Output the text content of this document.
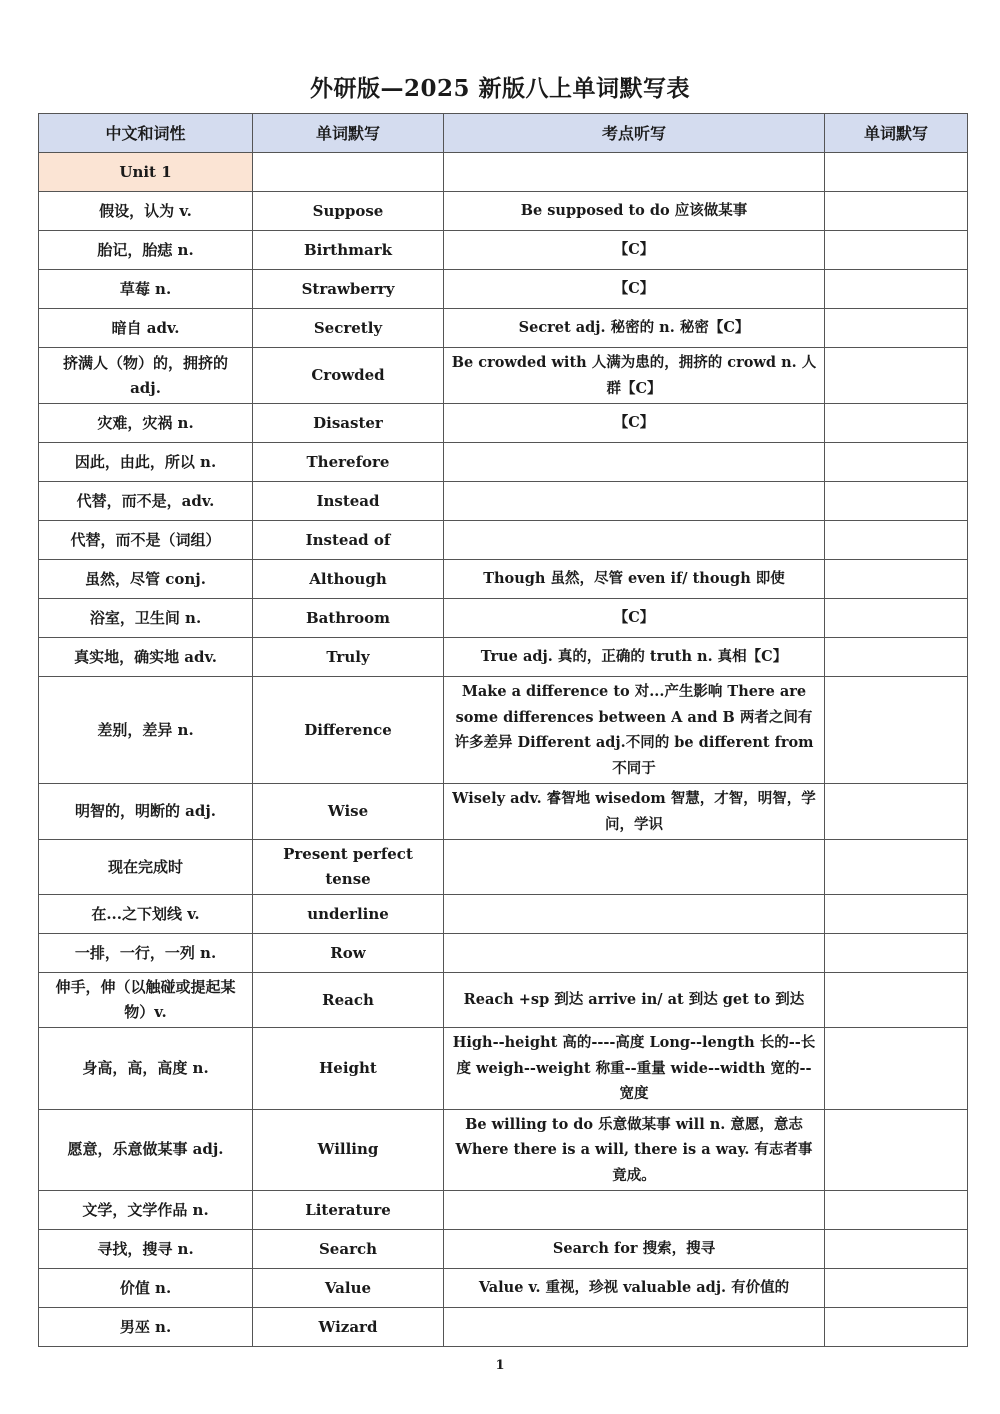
外研版—2025 新版八上单词默写表
中文和词性	单词默写	考点听写	单词默写
Unit 1			
假设，认为 v.	Suppose	Be supposed to do 应该做某事	
胎记，胎痣 n.	Birthmark	【C】	
草莓 n.	Strawberry	【C】	
暗自 adv.	Secretly	Secret adj. 秘密的 n. 秘密【C】	
挤满人（物）的，拥挤的 adj.	Crowded	Be crowded with 人满为患的，拥挤的 crowd n. 人群【C】	
灾难，灾祸 n.	Disaster	【C】	
因此，由此，所以 n.	Therefore		
代替，而不是，adv.	Instead		
代替，而不是（词组）	Instead of		
虽然，尽管 conj.	Although	Though 虽然，尽管 even if/ though 即使	
浴室，卫生间 n.	Bathroom	【C】	
真实地，确实地 adv.	Truly	True adj. 真的，正确的 truth n. 真相【C】	
差别，差异 n.	Difference	Make a difference to 对...产生影响 There are some differences between A and B 两者之间有许多差异 Different adj.不同的 be different from 不同于	
明智的，明断的 adj.	Wise	Wisely adv. 睿智地 wisedom 智慧，才智，明智，学问，学识	
现在完成时	Present perfect tense		
在...之下划线 v.	underline		
一排，一行，一列 n.	Row		
伸手，伸（以触碰或提起某物）v.	Reach	Reach +sp 到达 arrive in/ at 到达 get to 到达	
身高，高，高度 n.	Height	High--height 高的----高度 Long--length 长的--长度 weigh--weight 称重--重量 wide--width 宽的--宽度	
愿意，乐意做某事 adj.	Willing	Be willing to do 乐意做某事 will n. 意愿，意志 Where there is a will, there is a way. 有志者事竟成。	
文学，文学作品 n.	Literature		
寻找，搜寻 n.	Search	Search for 搜索，搜寻	
价值 n.	Value	Value v. 重视，珍视 valuable adj. 有价值的	
男巫 n.	Wizard		
1
